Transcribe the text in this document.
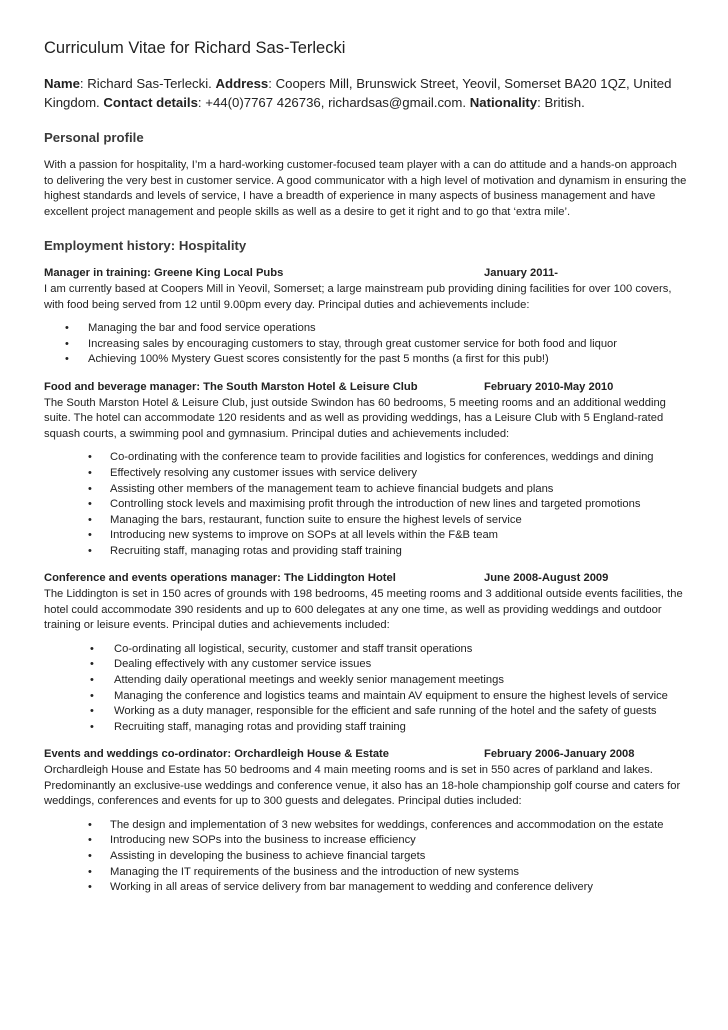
Curriculum Vitae for Richard Sas-Terlecki
Name: Richard Sas-Terlecki. Address: Coopers Mill, Brunswick Street, Yeovil, Somerset BA20 1QZ, United Kingdom. Contact details: +44(0)7767 426736, richardsas@gmail.com. Nationality: British.
Personal profile
With a passion for hospitality, I’m a hard-working customer-focused team player with a can do attitude and a hands-on approach to delivering the very best in customer service. A good communicator with a high level of motivation and dynamism in ensuring the highest standards and levels of service, I have a breadth of experience in many aspects of business management and have excellent project management and people skills as well as a desire to get it right and to go that ‘extra mile’.
Employment history: Hospitality
Manager in training: Greene King Local Pubs	January 2011-
I am currently based at Coopers Mill in Yeovil, Somerset; a large mainstream pub providing dining facilities for over 100 covers, with food being served from 12 until 9.00pm every day. Principal duties and achievements include:
• Managing the bar and food service operations
• Increasing sales by encouraging customers to stay, through great customer service for both food and liquor
• Achieving 100% Mystery Guest scores consistently for the past 5 months (a first for this pub!)
Food and beverage manager: The South Marston Hotel & Leisure Club	February 2010-May 2010
The South Marston Hotel & Leisure Club, just outside Swindon has 60 bedrooms, 5 meeting rooms and an additional wedding suite. The hotel can accommodate 120 residents and as well as providing weddings, has a Leisure Club with 5 England-rated squash courts, a swimming pool and gymnasium. Principal duties and achievements included:
• Co-ordinating with the conference team to provide facilities and logistics for conferences, weddings and dining
• Effectively resolving any customer issues with service delivery
• Assisting other members of the management team to achieve financial budgets and plans
• Controlling stock levels and maximising profit through the introduction of new lines and targeted promotions
• Managing the bars, restaurant, function suite to ensure the highest levels of service
• Introducing new systems to improve on SOPs at all levels within the F&B team
• Recruiting staff, managing rotas and providing staff training
Conference and events operations manager: The Liddington Hotel	June 2008-August 2009
The Liddington is set in 150 acres of grounds with 198 bedrooms, 45 meeting rooms and 3 additional outside events facilities, the hotel could accommodate 390 residents and up to 600 delegates at any one time, as well as providing weddings and outdoor training or leisure events. Principal duties and achievements included:
• Co-ordinating all logistical, security, customer and staff transit operations
• Dealing effectively with any customer service issues
• Attending daily operational meetings and weekly senior management meetings
• Managing the conference and logistics teams and maintain AV equipment to ensure the highest levels of service
• Working as a duty manager, responsible for the efficient and safe running of the hotel and the safety of guests
• Recruiting staff, managing rotas and providing staff training
Events and weddings co-ordinator: Orchardleigh House & Estate	February 2006-January 2008
Orchardleigh House and Estate has 50 bedrooms and 4 main meeting rooms and is set in 550 acres of parkland and lakes. Predominantly an exclusive-use weddings and conference venue, it also has an 18-hole championship golf course and caters for weddings, conferences and events for up to 300 guests and delegates. Principal duties included:
• The design and implementation of 3 new websites for weddings, conferences and accommodation on the estate
• Introducing new SOPs into the business to increase efficiency
• Assisting in developing the business to achieve financial targets
• Managing the IT requirements of the business and the introduction of new systems
• Working in all areas of service delivery from bar management to wedding and conference delivery
